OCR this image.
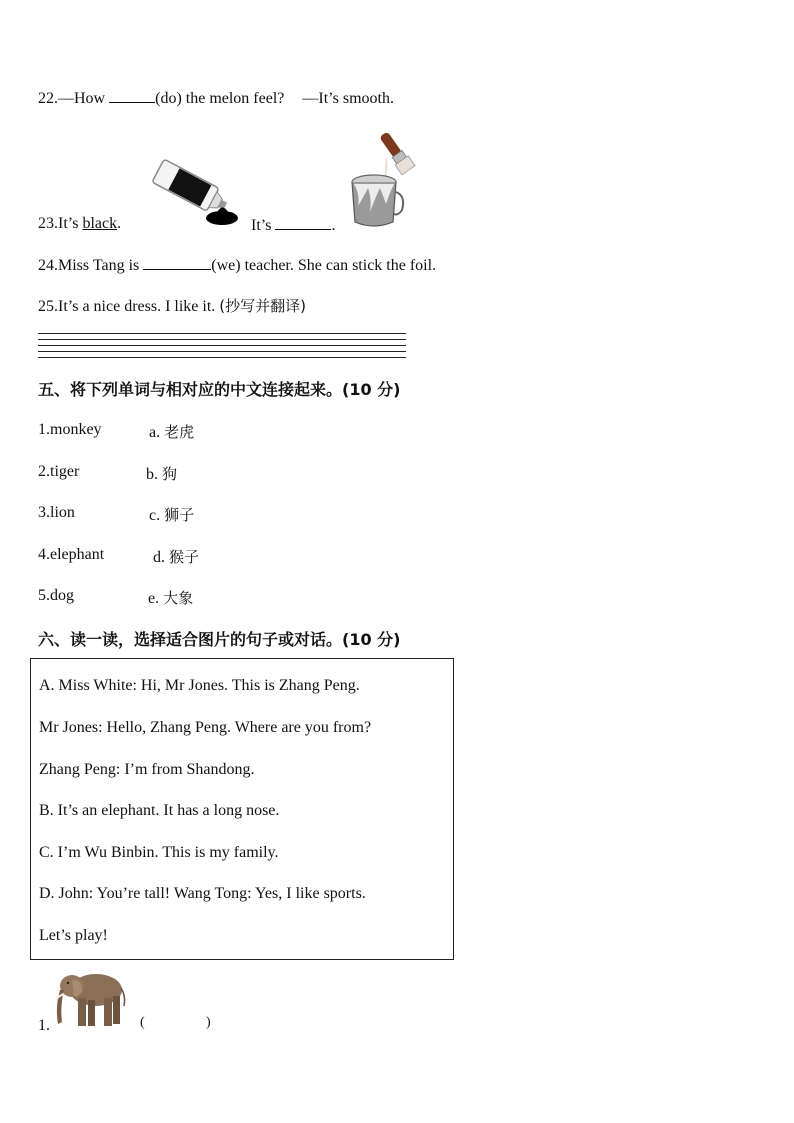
22.—How	(do) the melon feel? —It’s smooth.
23.It’s black.	It’s	.
24.Miss Tang is	(we) teacher. She can stick the foil.
25.It’s a nice dress. I like it. (抄写并翻译)
五、将下列单词与相对应的中文连接起来。(10 分)
1.monkey	a. 老虎
2.tiger	b. 狗
3.lion	c. 狮子
4.elephant	d. 猴子
5.dog	e. 大象
六、读一读，选择适合图片的句子或对话。(10 分)
A. Miss White: Hi, Mr Jones. This is Zhang Peng.
Mr Jones: Hello, Zhang Peng. Where are you from?
Zhang Peng: I’m from Shandong.
B. It’s an elephant. It has a long nose.
C. I’m Wu Binbin. This is my family.
D. John: You’re tall! Wang Tong: Yes, I like sports.
Let’s play!
1.	(	)
